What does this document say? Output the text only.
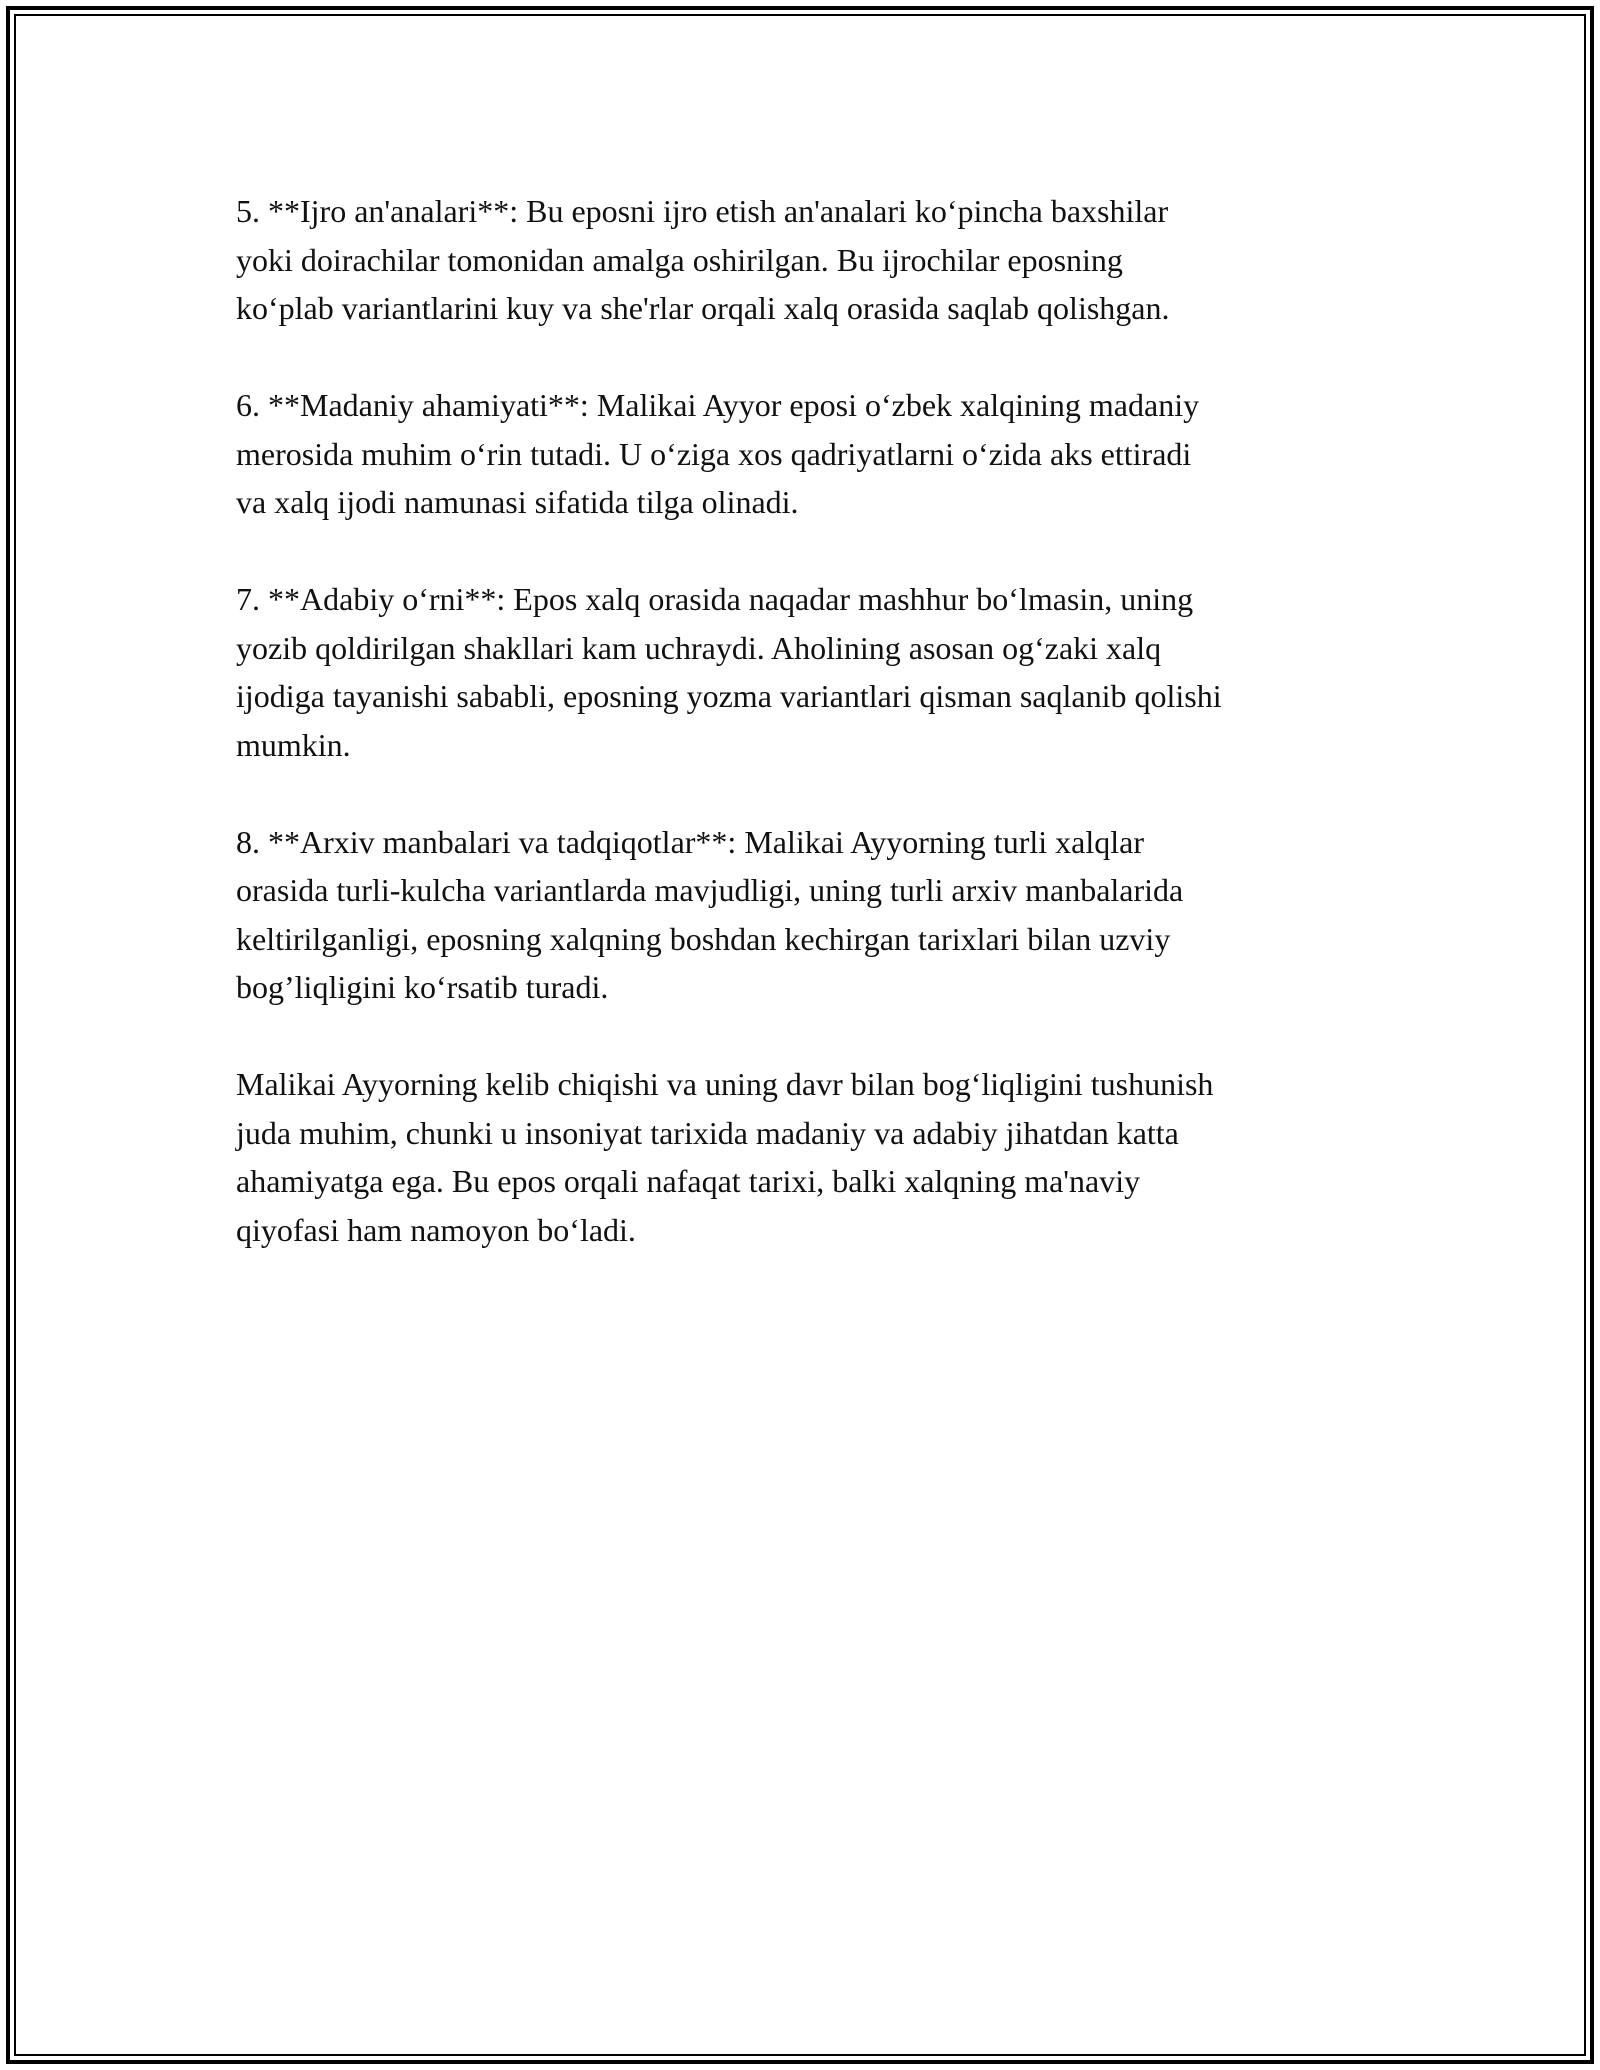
5. **Ijro an'analari**: Bu eposni ijro etish an'analari ko‘pincha baxshilar
yoki doirachilar tomonidan amalga oshirilgan. Bu ijrochilar eposning
ko‘plab variantlarini kuy va she'rlar orqali xalq orasida saqlab qolishgan.

6. **Madaniy ahamiyati**: Malikai Ayyor eposi o‘zbek xalqining madaniy
merosida muhim o‘rin tutadi. U o‘ziga xos qadriyatlarni o‘zida aks ettiradi
va xalq ijodi namunasi sifatida tilga olinadi.

7. **Adabiy o‘rni**: Epos xalq orasida naqadar mashhur bo‘lmasin, uning
yozib qoldirilgan shakllari kam uchraydi. Aholining asosan og‘zaki xalq
ijodiga tayanishi sababli, eposning yozma variantlari qisman saqlanib qolishi
mumkin.

8. **Arxiv manbalari va tadqiqotlar**: Malikai Ayyorning turli xalqlar
orasida turli-kulcha variantlarda mavjudligi, uning turli arxiv manbalarida
keltirilganligi, eposning xalqning boshdan kechirgan tarixlari bilan uzviy
bog’liqligini ko‘rsatib turadi.

Malikai Ayyorning kelib chiqishi va uning davr bilan bog‘liqligini tushunish
juda muhim, chunki u insoniyat tarixida madaniy va adabiy jihatdan katta
ahamiyatga ega. Bu epos orqali nafaqat tarixi, balki xalqning ma'naviy
qiyofasi ham namoyon bo‘ladi.
